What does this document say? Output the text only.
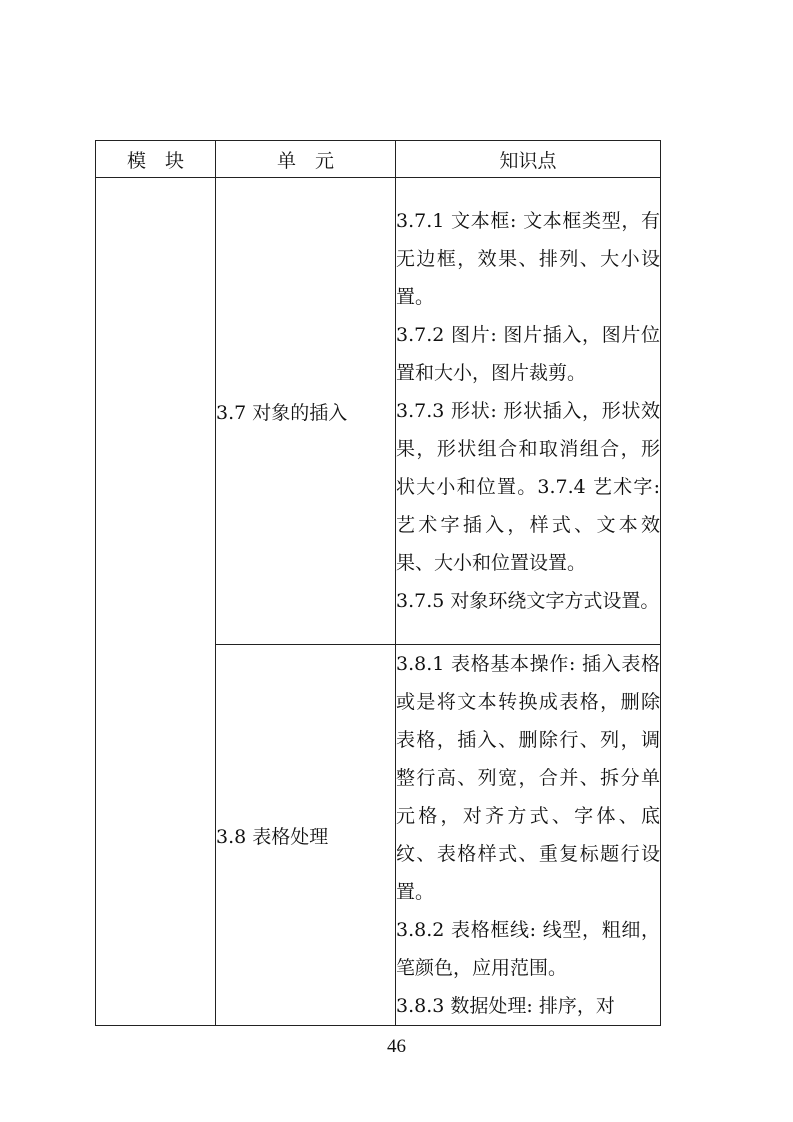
模　块	单　元	知识点
	3.7 对象的插入	3.7.1 文本框: 文本框类型，有无边框，效果、排列、大小设置。
3.7.2 图片: 图片插入，图片位置和大小，图片裁剪。
3.7.3 形状: 形状插入，形状效果，形状组合和取消组合，形状大小和位置。3.7.4 艺术字: 艺术字插入，样式、文本效果、大小和位置设置。
3.7.5 对象环绕文字方式设置。

	3.8 表格处理	3.8.1 表格基本操作: 插入表格或是将文本转换成表格，删除表格，插入、删除行、列，调整行高、列宽，合并、拆分单元格，对齐方式、字体、底纹、表格样式、重复标题行设置。
3.8.2 表格框线: 线型，粗细，笔颜色，应用范围。
3.8.3 数据处理: 排序，对
46
